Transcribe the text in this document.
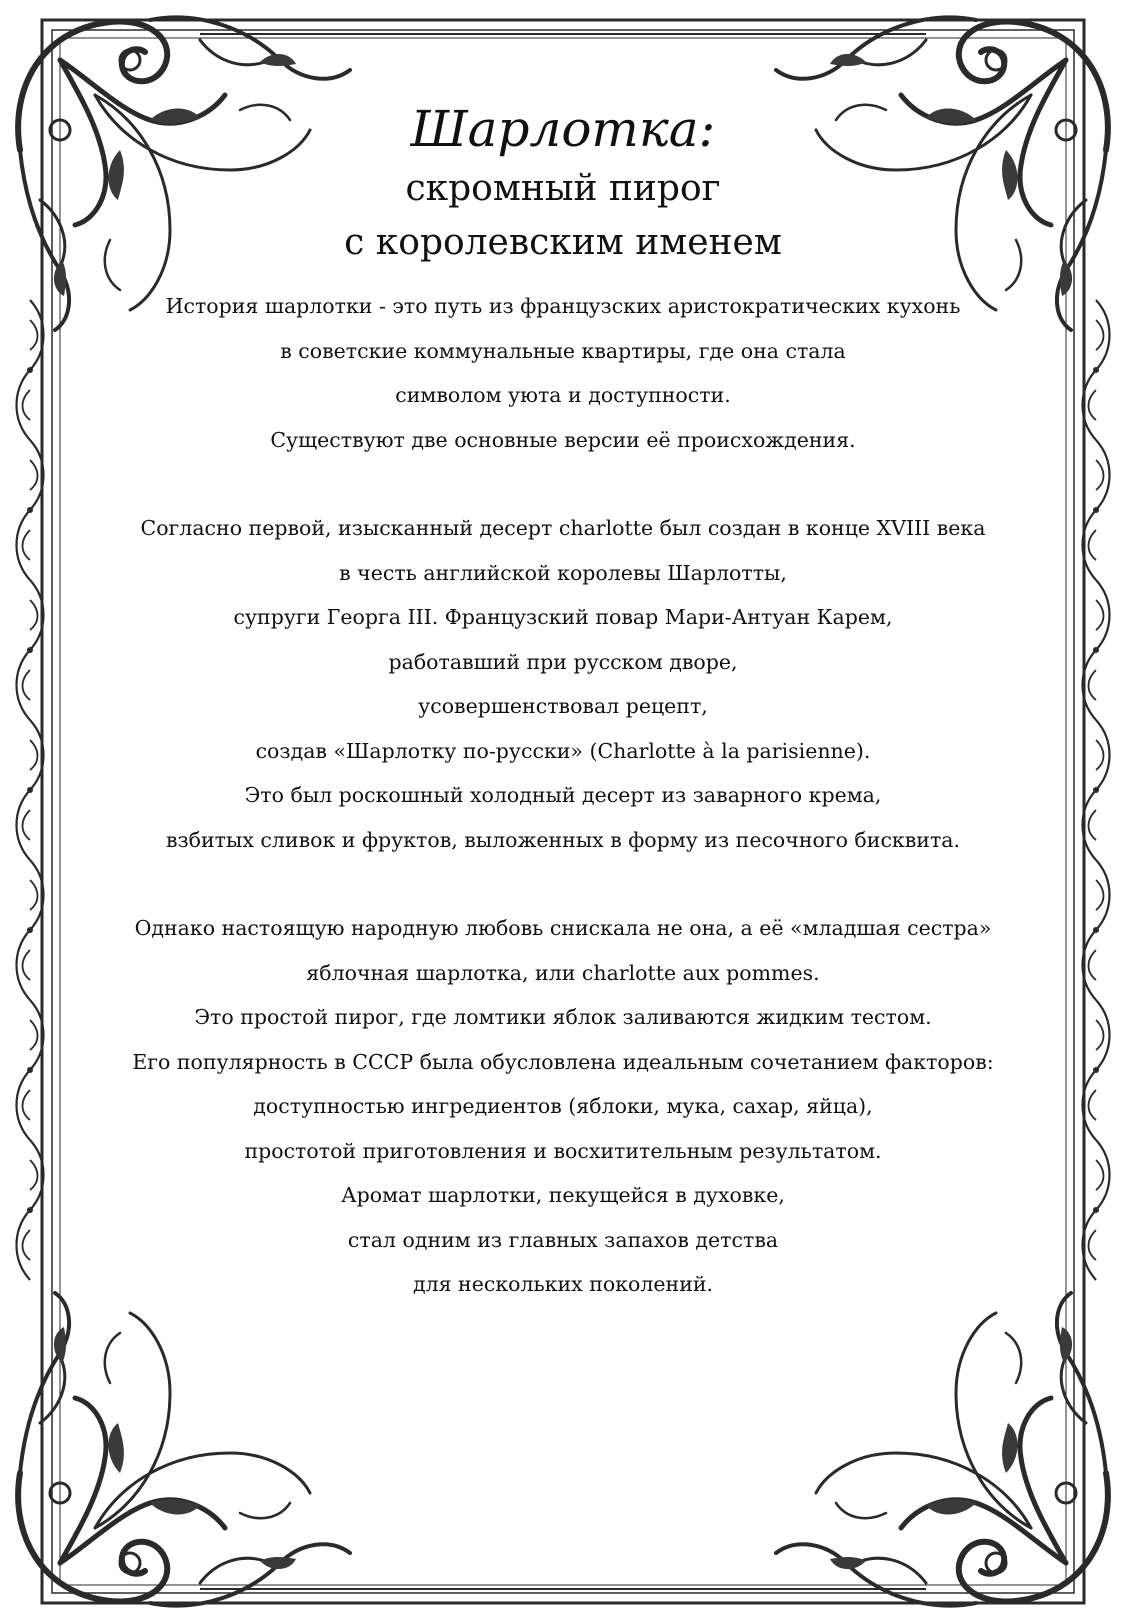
Шарлотка:

скромный пирог

с королевским именем

История шарлотки - это путь из французских аристократических кухонь
в советские коммунальные квартиры, где она стала
символом уюта и доступности.
Существуют две основные версии её происхождения.
Согласно первой, изысканный десерт charlotte был создан в конце XVIII века
в честь английской королевы Шарлотты,
супруги Георга III. Французский повар Мари-Антуан Карем,
работавший при русском дворе,
усовершенствовал рецепт,
создав «Шарлотку по-русски» (Charlotte à la parisienne).
Это был роскошный холодный десерт из заварного крема,
взбитых сливок и фруктов, выложенных в форму из песочного бисквита.
Однако настоящую народную любовь снискала не она, а её «младшая сестра»
яблочная шарлотка, или charlotte aux pommes.
Это простой пирог, где ломтики яблок заливаются жидким тестом.
Его популярность в СССР была обусловлена идеальным сочетанием факторов:
доступностью ингредиентов (яблоки, мука, сахар, яйца),
простотой приготовления и восхитительным результатом.
Аромат шарлотки, пекущейся в духовке,
стал одним из главных запахов детства
для нескольких поколений.
